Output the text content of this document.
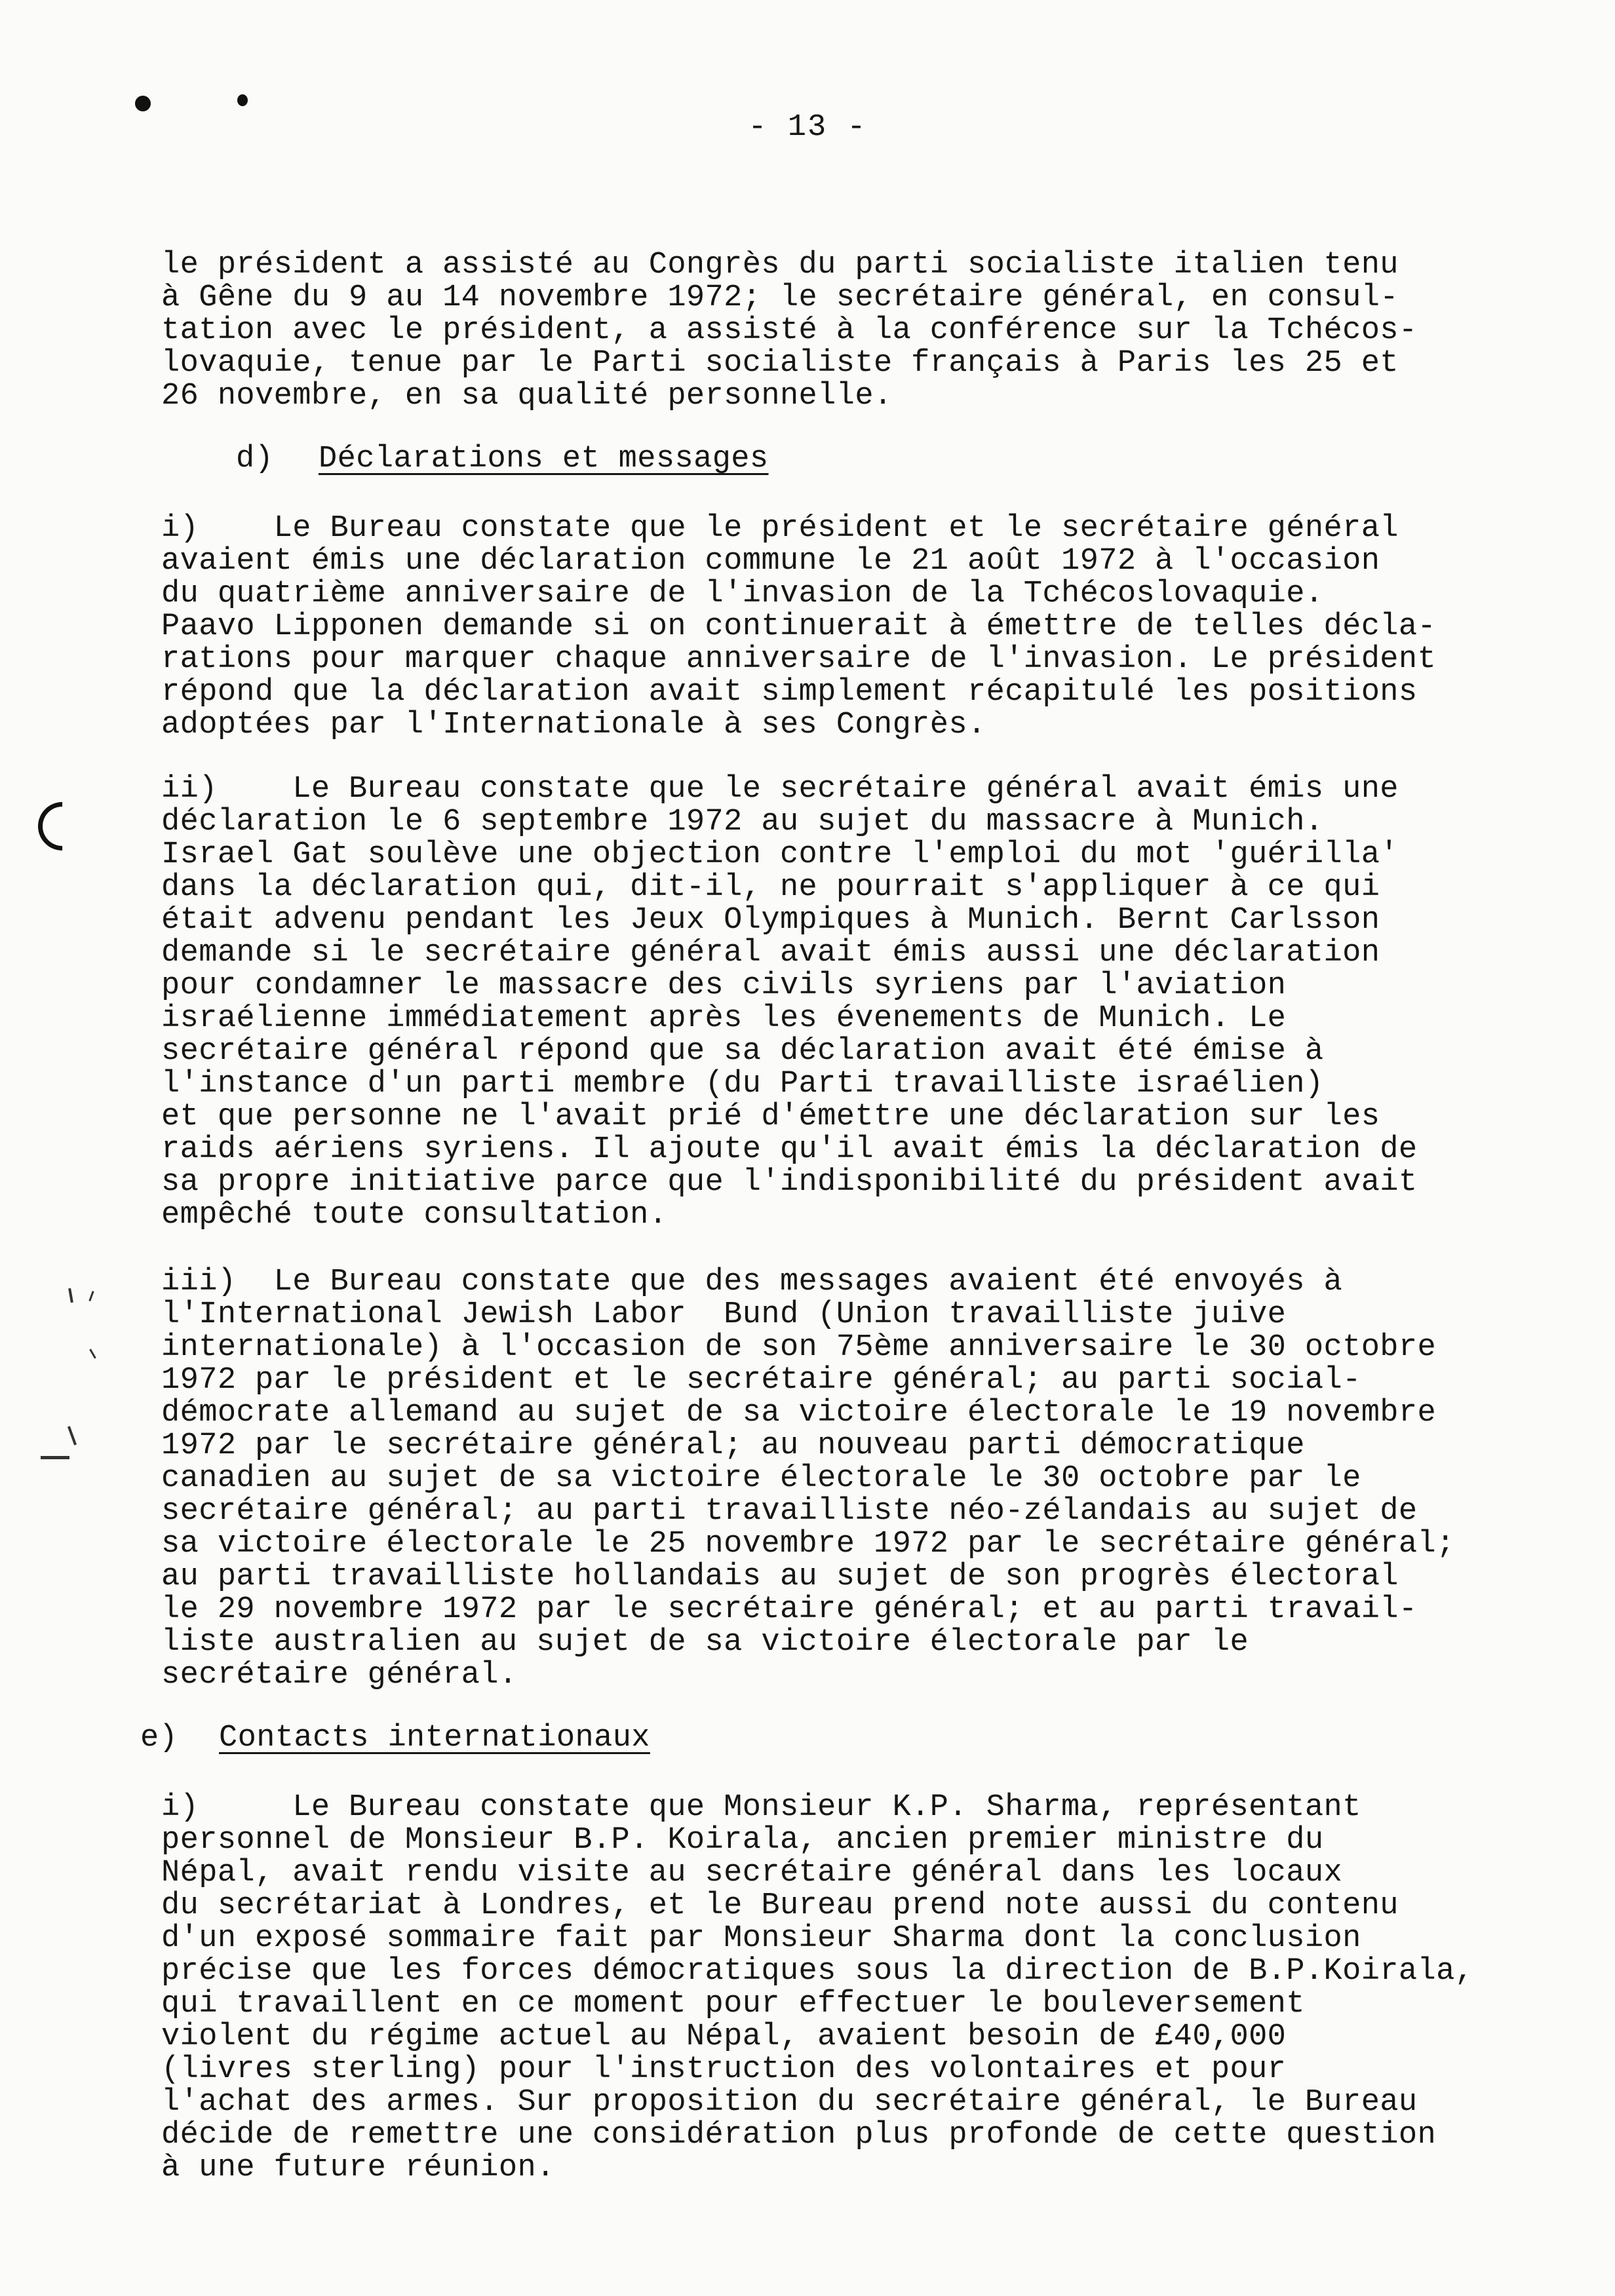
- 13 -
le président a assisté au Congrès du parti socialiste italien tenu
à Gêne du 9 au 14 novembre 1972; le secrétaire général, en consul-
tation avec le président, a assisté à la conférence sur la Tchécos-
lovaquie, tenue par le Parti socialiste français à Paris les 25 et
26 novembre, en sa qualité personnelle.
d) Déclarations et messages
i)    Le Bureau constate que le président et le secrétaire général
avaient émis une déclaration commune le 21 août 1972 à l'occasion
du quatrième anniversaire de l'invasion de la Tchécoslovaquie.
Paavo Lipponen demande si on continuerait à émettre de telles décla-
rations pour marquer chaque anniversaire de l'invasion. Le président
répond que la déclaration avait simplement récapitulé les positions
adoptées par l'Internationale à ses Congrès.
ii)    Le Bureau constate que le secrétaire général avait émis une
déclaration le 6 septembre 1972 au sujet du massacre à Munich.
Israel Gat soulève une objection contre l'emploi du mot 'guérilla'
dans la déclaration qui, dit-il, ne pourrait s'appliquer à ce qui
était advenu pendant les Jeux Olympiques à Munich. Bernt Carlsson
demande si le secrétaire général avait émis aussi une déclaration
pour condamner le massacre des civils syriens par l'aviation
israélienne immédiatement après les évenements de Munich. Le
secrétaire général répond que sa déclaration avait été émise à
l'instance d'un parti membre (du Parti travailliste israélien)
et que personne ne l'avait prié d'émettre une déclaration sur les
raids aériens syriens. Il ajoute qu'il avait émis la déclaration de
sa propre initiative parce que l'indisponibilité du président avait
empêché toute consultation.
iii)  Le Bureau constate que des messages avaient été envoyés à
l'International Jewish Labor  Bund (Union travailliste juive
internationale) à l'occasion de son 75ème anniversaire le 30 octobre
1972 par le président et le secrétaire général; au parti social-
démocrate allemand au sujet de sa victoire électorale le 19 novembre
1972 par le secrétaire général; au nouveau parti démocratique
canadien au sujet de sa victoire électorale le 30 octobre par le
secrétaire général; au parti travailliste néo-zélandais au sujet de
sa victoire électorale le 25 novembre 1972 par le secrétaire général;
au parti travailliste hollandais au sujet de son progrès électoral
le 29 novembre 1972 par le secrétaire général; et au parti travail-
liste australien au sujet de sa victoire électorale par le
secrétaire général.
e) Contacts internationaux
i)     Le Bureau constate que Monsieur K.P. Sharma, représentant
personnel de Monsieur B.P. Koirala, ancien premier ministre du
Népal, avait rendu visite au secrétaire général dans les locaux
du secrétariat à Londres, et le Bureau prend note aussi du contenu
d'un exposé sommaire fait par Monsieur Sharma dont la conclusion
précise que les forces démocratiques sous la direction de B.P.Koirala,
qui travaillent en ce moment pour effectuer le bouleversement
violent du régime actuel au Népal, avaient besoin de £40,000
(livres sterling) pour l'instruction des volontaires et pour
l'achat des armes. Sur proposition du secrétaire général, le Bureau
décide de remettre une considération plus profonde de cette question
à une future réunion.
